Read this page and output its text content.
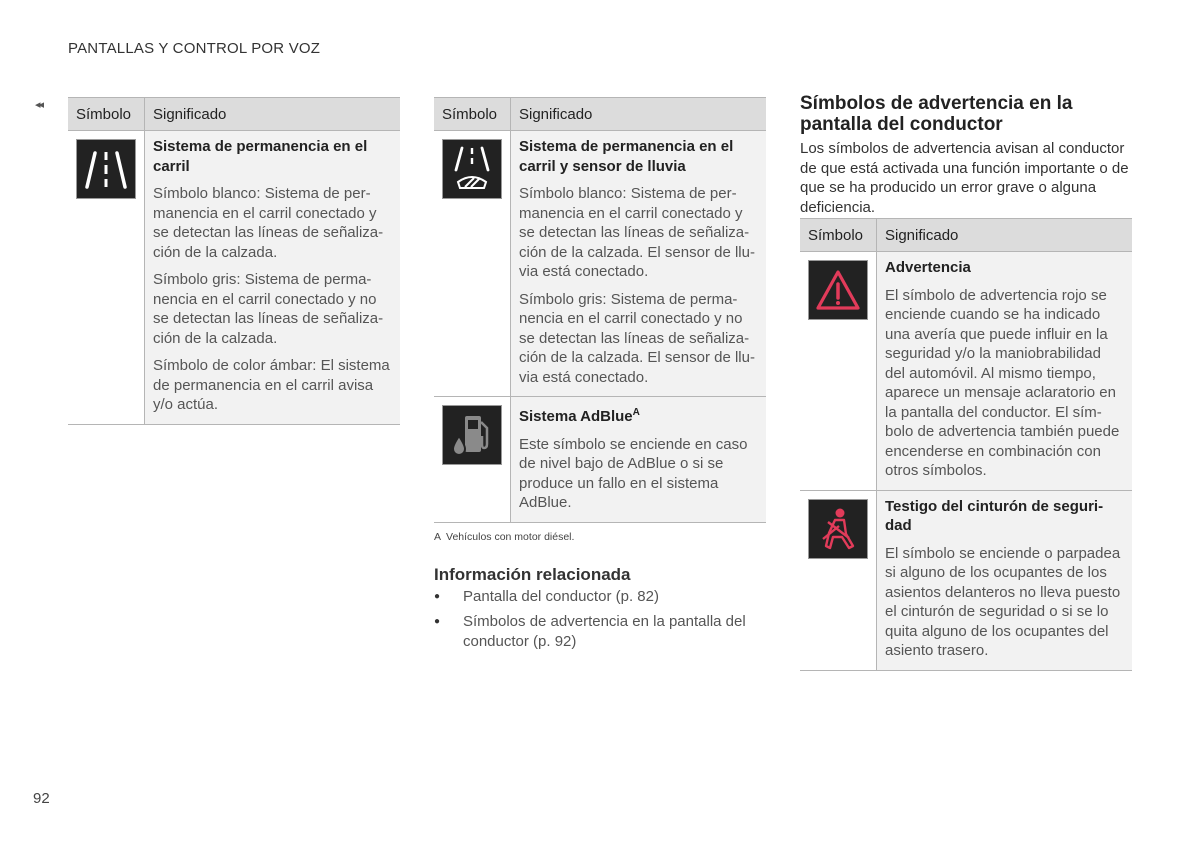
PANTALLAS Y CONTROL POR VOZ
◂◂
Símbolo	Significado

Sistema de permanencia en el carril
Símbolo blanco: Sistema de per-manencia en el carril conectado y se detectan las líneas de señaliza-ción de la calzada.
Símbolo gris: Sistema de perma-nencia en el carril conectado y no se detectan las líneas de señaliza-ción de la calzada.
Símbolo de color ámbar: El sistema de permanencia en el carril avisa y/o actúa.
Símbolo	Significado

Sistema de permanencia en el carril y sensor de lluvia
Símbolo blanco: Sistema de per-manencia en el carril conectado y se detectan las líneas de señaliza-ción de la calzada. El sensor de llu-via está conectado.
Símbolo gris: Sistema de perma-nencia en el carril conectado y no se detectan las líneas de señaliza-ción de la calzada. El sensor de llu-via está conectado.

Sistema AdBlue$^A$
Este símbolo se enciende en caso de nivel bajo de AdBlue o si se produce un fallo en el sistema AdBlue.
A Vehículos con motor diésel.
Información relacionada
● Pantalla del conductor (p. 82)
● Símbolos de advertencia en la pantalla del conductor (p. 92)
Símbolos de advertencia en la pantalla del conductor

Los símbolos de advertencia avisan al conductor de que está activada una función importante o de que se ha producido un error grave o alguna deficiencia.

Símbolo	Significado

Advertencia
El símbolo de advertencia rojo se enciende cuando se ha indicado una avería que puede influir en la seguridad y/o la maniobrabilidad del automóvil. Al mismo tiempo, aparece un mensaje aclaratorio en la pantalla del conductor. El sím-bolo de advertencia también puede encenderse en combinación con otros símbolos.

Testigo del cinturón de seguri-dad
El símbolo se enciende o parpadea si alguno de los ocupantes de los asientos delanteros no lleva puesto el cinturón de seguridad o si se lo quita alguno de los ocupantes del asiento trasero.
92
